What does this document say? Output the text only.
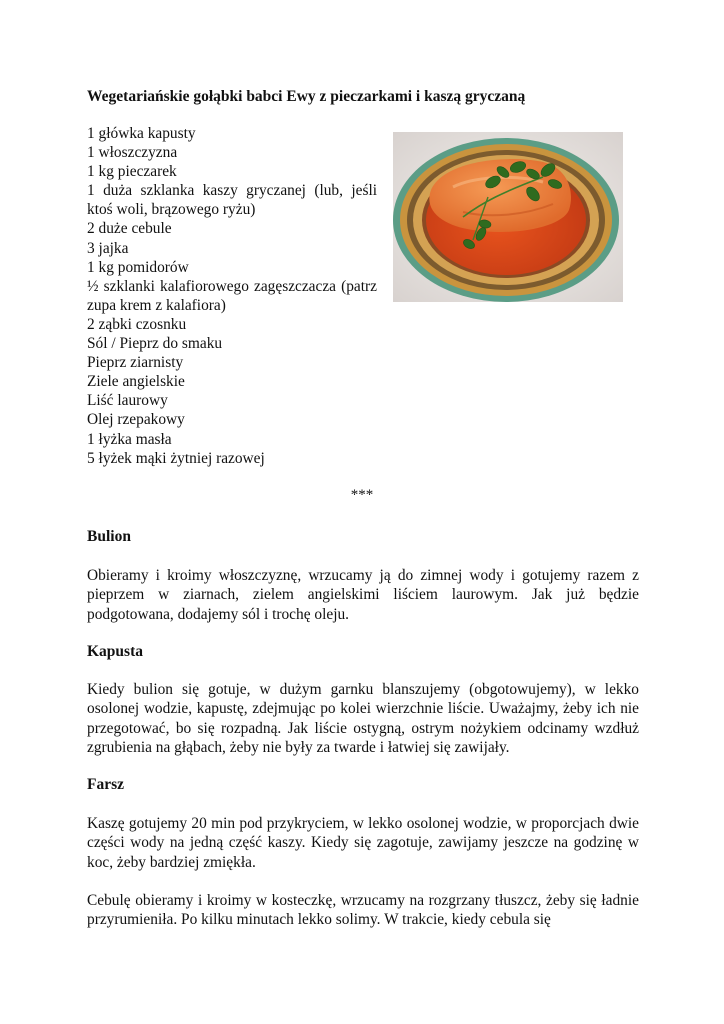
Wegetariańskie gołąbki babci Ewy z pieczarkami i kaszą gryczaną
1 główka kapusty
1 włoszczyzna
1 kg pieczarek
1 duża szklanka kaszy gryczanej (lub, jeśli ktoś woli, brązowego ryżu)
2 duże cebule
3 jajka
1 kg pomidorów
½ szklanki kalafiorowego zagęszczacza (patrz zupa krem z kalafiora)
2 ząbki czosnku
Sól / Pieprz do smaku
Pieprz ziarnisty
Ziele angielskie
Liść laurowy
Olej rzepakowy
1 łyżka masła
5 łyżek mąki żytniej razowej
***
Bulion

Obieramy i kroimy włoszczyznę, wrzucamy ją do zimnej wody i gotujemy razem z pieprzem w ziarnach, zielem angielskimi liściem laurowym. Jak już będzie podgotowana, dodajemy sól i trochę oleju.

Kapusta

Kiedy bulion się gotuje, w dużym garnku blanszujemy (obgotowujemy), w lekko osolonej wodzie, kapustę, zdejmując po kolei wierzchnie liście. Uważajmy, żeby ich nie przegotować, bo się rozpadną. Jak liście ostygną, ostrym nożykiem odcinamy wzdłuż zgrubienia na głąbach, żeby nie były za twarde i łatwiej się zawijały.

Farsz

Kaszę gotujemy 20 min pod przykryciem, w lekko osolonej wodzie, w proporcjach dwie części wody na jedną część kaszy. Kiedy się zagotuje, zawijamy jeszcze na godzinę w koc, żeby bardziej zmiękła.

Cebulę obieramy i kroimy w kosteczkę, wrzucamy na rozgrzany tłuszcz, żeby się ładnie przyrumieniła. Po kilku minutach lekko solimy. W trakcie, kiedy cebula się
